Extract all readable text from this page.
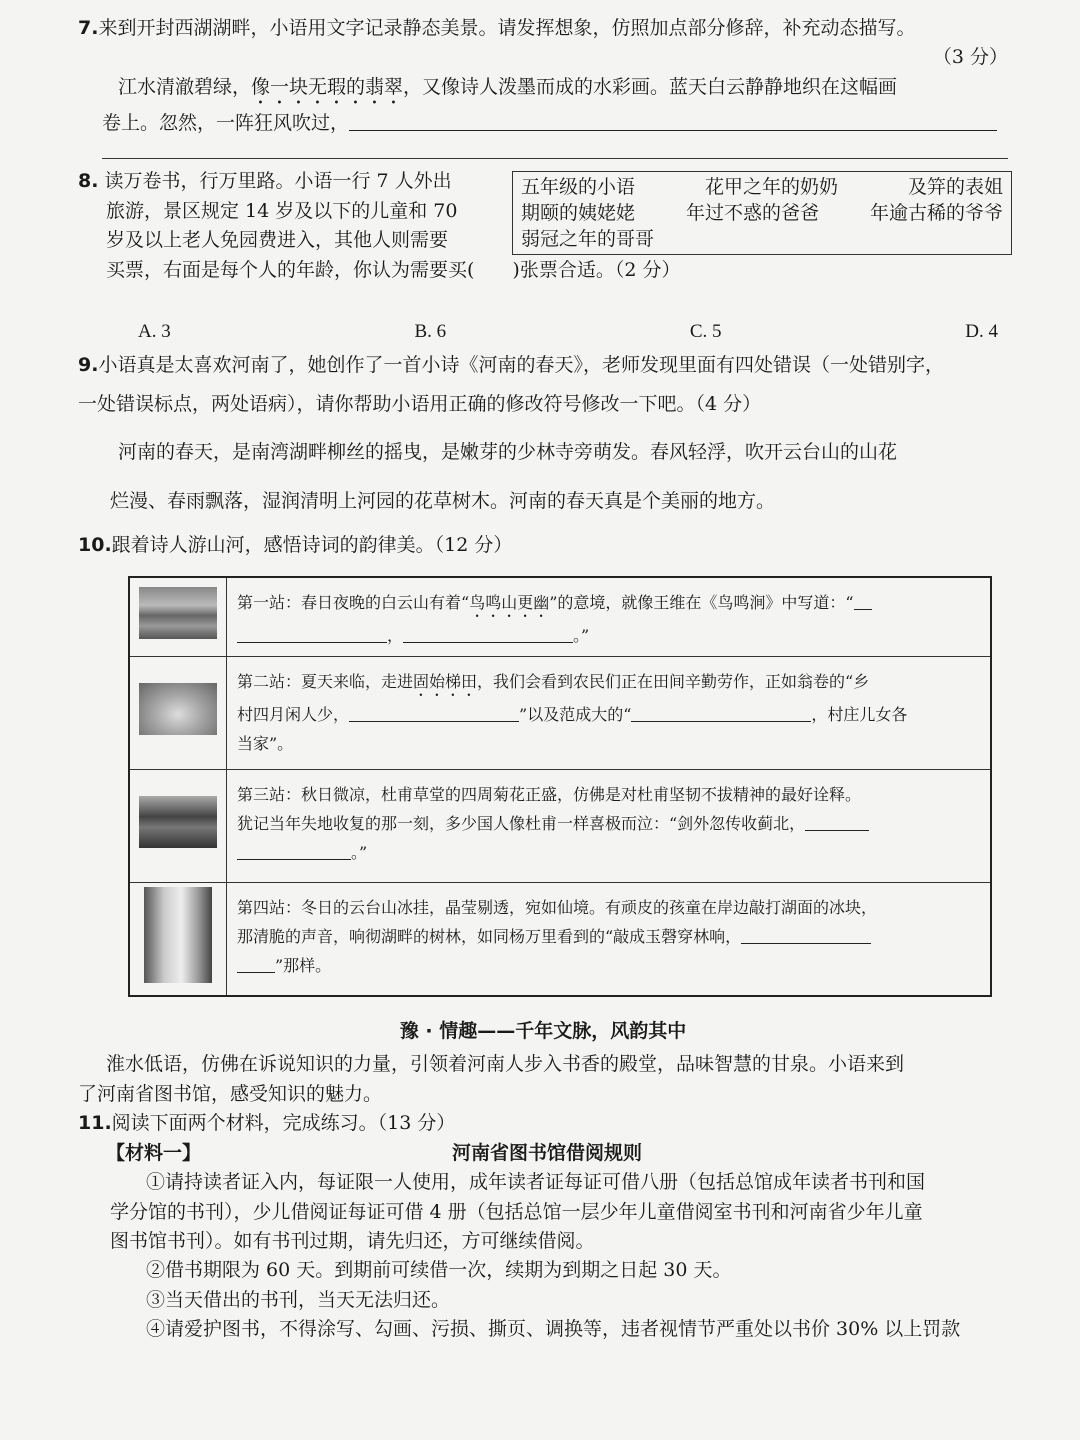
7.来到开封西湖湖畔，小语用文字记录静态美景。请发挥想象，仿照加点部分修辞，补充动态描写。
（3 分）
江水清澈碧绿，像一块无瑕的翡翠，又像诗人泼墨而成的水彩画。蓝天白云静静地织在这幅画
卷上。忽然，一阵狂风吹过，
8. 读万卷书，行万里路。小语一行 7 人外出
旅游，景区规定 14 岁及以下的儿童和 70
岁及以上老人免园费进入，其他人则需要
买票，右面是每个人的年龄，你认为需要买(　　)张票合适。（2 分）
五年级的小语	花甲之年的奶奶	及笄的表姐
期颐的姨姥姥	年过不惑的爸爸	年逾古稀的爷爷
弱冠之年的哥哥
A. 3	B. 6	C. 5	D. 4
9.小语真是太喜欢河南了，她创作了一首小诗《河南的春天》，老师发现里面有四处错误（一处错别字，
一处错误标点，两处语病），请你帮助小语用正确的修改符号修改一下吧。（4 分）
河南的春天，是南湾湖畔柳丝的摇曳，是嫩芽的少林寺旁萌发。春风轻浮，吹开云台山的山花
烂漫、春雨飘落，湿润清明上河园的花草树木。河南的春天真是个美丽的地方。
10.跟着诗人游山河，感悟诗词的韵律美。（12 分）
	第一站：春日夜晚的白云山有着“鸟鸣山更幽”的意境，就像王维在《鸟鸣涧》中写道：“
， 。”
	第二站：夏天来临，走进固始梯田，我们会看到农民们正在田间辛勤劳作，正如翁卷的“乡
村四月闲人少， ”以及范成大的“ ，村庄儿女各
当家”。
	第三站：秋日微凉，杜甫草堂的四周菊花正盛，仿佛是对杜甫坚韧不拔精神的最好诠释。
犹记当年失地收复的那一刻，多少国人像杜甫一样喜极而泣：“剑外忽传收蓟北，
。”
	第四站：冬日的云台山冰挂，晶莹剔透，宛如仙境。有顽皮的孩童在岸边敲打湖面的冰块，
那清脆的声音，响彻湖畔的树林，如同杨万里看到的“敲成玉磬穿林响，
”那样。
豫 · 情趣——千年文脉，风韵其中
淮水低语，仿佛在诉说知识的力量，引领着河南人步入书香的殿堂，品味智慧的甘泉。小语来到
了河南省图书馆，感受知识的魅力。
11.阅读下面两个材料，完成练习。（13 分）
【材料一】	河南省图书馆借阅规则
①请持读者证入内，每证限一人使用，成年读者证每证可借八册（包括总馆成年读者书刊和国
学分馆的书刊），少儿借阅证每证可借 4 册（包括总馆一层少年儿童借阅室书刊和河南省少年儿童
图书馆书刊）。如有书刊过期，请先归还，方可继续借阅。
②借书期限为 60 天。到期前可续借一次，续期为到期之日起 30 天。
③当天借出的书刊，当天无法归还。
④请爱护图书，不得涂写、勾画、污损、撕页、调换等，违者视情节严重处以书价 30% 以上罚款
